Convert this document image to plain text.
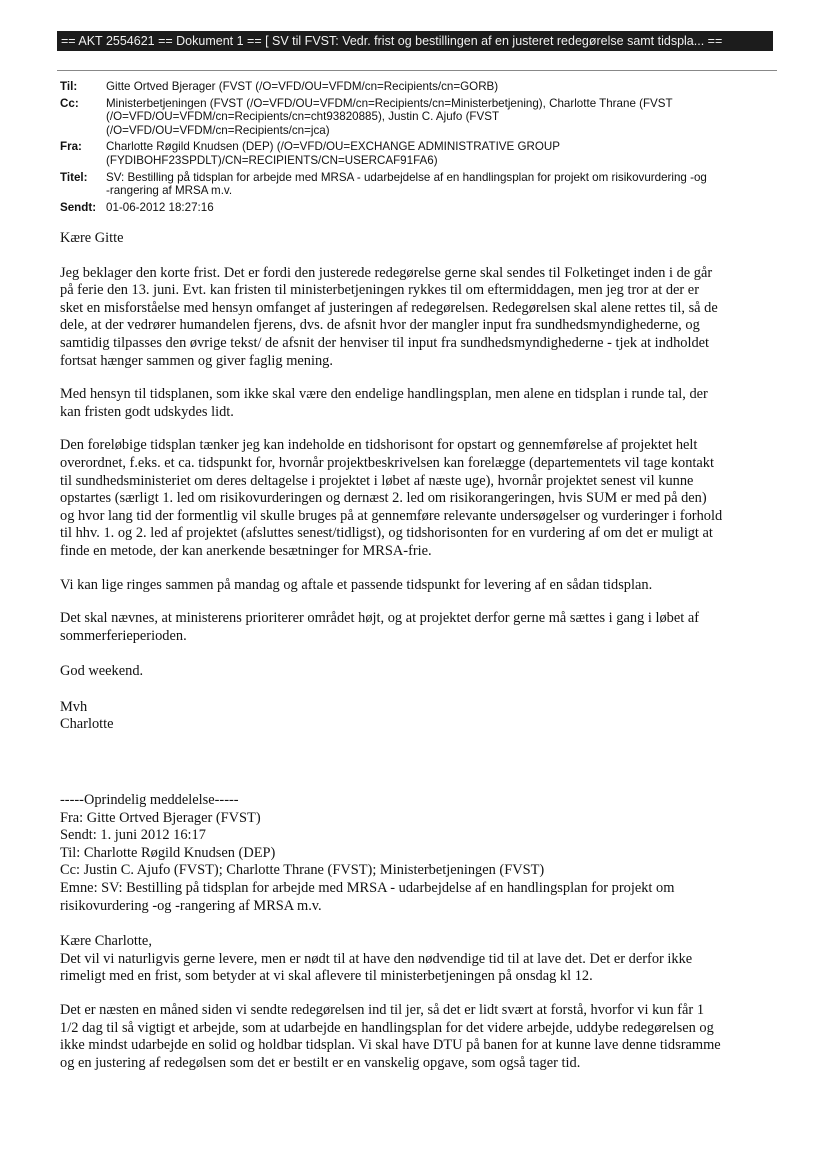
== AKT 2554621 == Dokument 1 == [ SV til FVST: Vedr. frist og bestillingen af en justeret redegørelse samt tidspla... ==
Til:	Gitte Ortved Bjerager (FVST (/O=VFD/OU=VFDM/cn=Recipients/cn=GORB)
Cc:	Ministerbetjeningen (FVST (/O=VFD/OU=VFDM/cn=Recipients/cn=Ministerbetjening), Charlotte Thrane (FVST
(/O=VFD/OU=VFDM/cn=Recipients/cn=cht93820885), Justin C. Ajufo (FVST
(/O=VFD/OU=VFDM/cn=Recipients/cn=jca)
Fra:	Charlotte Røgild Knudsen (DEP) (/O=VFD/OU=EXCHANGE ADMINISTRATIVE GROUP
(FYDIBOHF23SPDLT)/CN=RECIPIENTS/CN=USERCAF91FA6)
Titel:	SV: Bestilling på tidsplan for arbejde med MRSA - udarbejdelse af en handlingsplan for projekt om risikovurdering -og
-rangering af MRSA m.v.
Sendt: 01-06-2012 18:27:16

Kære Gitte

Jeg beklager den korte frist. Det er fordi den justerede redegørelse gerne skal sendes til Folketinget inden i de går
på ferie den 13. juni. Evt. kan fristen til ministerbetjeningen rykkes til om eftermiddagen, men jeg tror at der er
sket en misforståelse med hensyn omfanget af justeringen af redegørelsen. Redegørelsen skal alene rettes til, så de
dele, at der vedrører humandelen fjerens, dvs. de afsnit hvor der mangler input fra sundhedsmyndighederne, og
samtidig tilpasses den øvrige tekst/ de afsnit der henviser til input fra sundhedsmyndighederne - tjek at indholdet
fortsat hænger sammen og giver faglig mening.

Med hensyn til tidsplanen, som ikke skal være den endelige handlingsplan, men alene en tidsplan i runde tal, der
kan fristen godt udskydes lidt.

Den foreløbige tidsplan tænker jeg kan indeholde en tidshorisont for opstart og gennemførelse af projektet helt
overordnet, f.eks. et ca. tidspunkt for, hvornår projektbeskrivelsen kan forelægge (departementets vil tage kontakt
til sundhedsministeriet om deres deltagelse i projektet i løbet af næste uge), hvornår projektet senest vil kunne
opstartes (særligt 1. led om risikovurderingen og dernæst 2. led om risikorangeringen, hvis SUM er med på den)
og hvor lang tid der formentlig vil skulle bruges på at gennemføre relevante undersøgelser og vurderinger i forhold
til hhv. 1. og 2. led af projektet (afsluttes senest/tidligst), og tidshorisonten for en vurdering af om det er muligt at
finde en metode, der kan anerkende besætninger for MRSA-frie.

Vi kan lige ringes sammen på mandag og aftale et passende tidspunkt for levering af en sådan tidsplan.

Det skal nævnes, at ministerens prioriterer området højt, og at projektet derfor gerne må sættes i gang i løbet af
sommerferieperioden.

God weekend.

Mvh
Charlotte

-----Oprindelig meddelelse-----
Fra: Gitte Ortved Bjerager (FVST)
Sendt: 1. juni 2012 16:17
Til: Charlotte Røgild Knudsen (DEP)
Cc: Justin C. Ajufo (FVST); Charlotte Thrane (FVST); Ministerbetjeningen (FVST)
Emne: SV: Bestilling på tidsplan for arbejde med MRSA - udarbejdelse af en handlingsplan for projekt om
risikovurdering -og -rangering af MRSA m.v.

Kære Charlotte,
Det vil vi naturligvis gerne levere, men er nødt til at have den nødvendige tid til at lave det. Det er derfor ikke
rimeligt med en frist, som betyder at vi skal aflevere til ministerbetjeningen på onsdag kl 12.

Det er næsten en måned siden vi sendte redegørelsen ind til jer, så det er lidt svært at forstå, hvorfor vi kun får 1
1/2 dag til så vigtigt et arbejde, som at udarbejde en handlingsplan for det videre arbejde, uddybe redegørelsen og
ikke mindst udarbejde en solid og holdbar tidsplan. Vi skal have DTU på banen for at kunne lave denne tidsramme
og en justering af redegølsen som det er bestilt er en vanskelig opgave, som også tager tid.
